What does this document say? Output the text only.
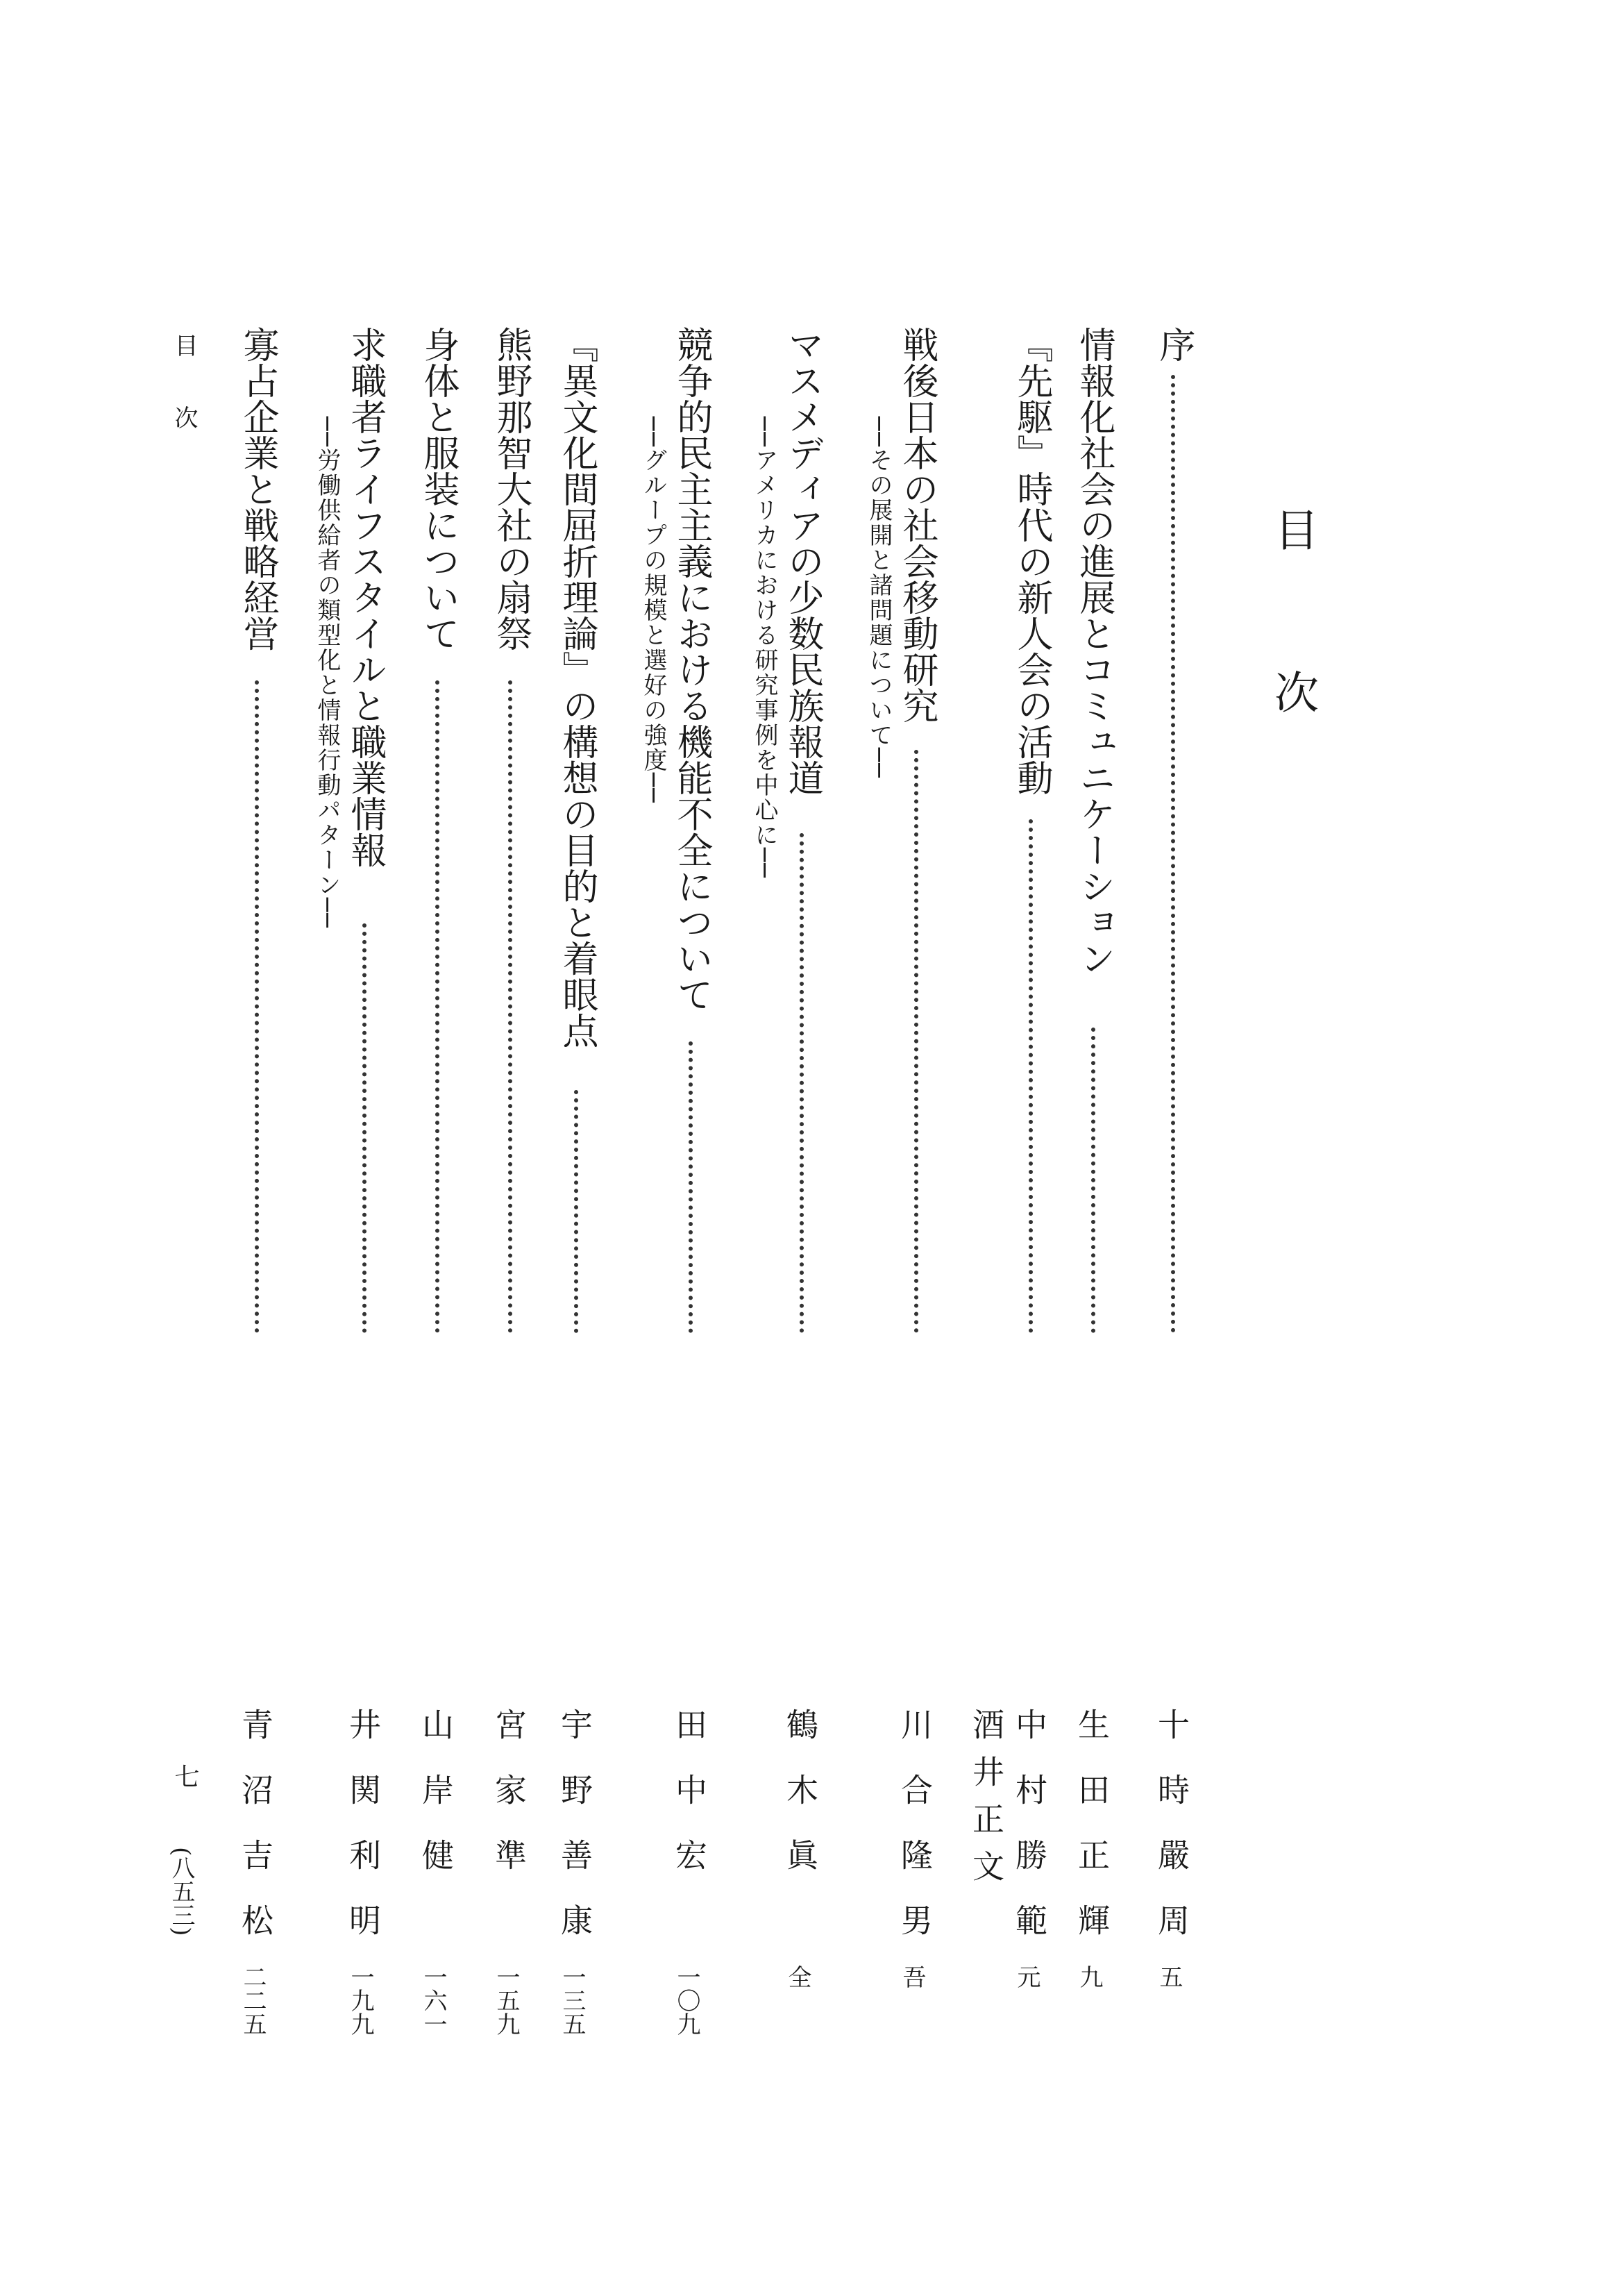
目次
序
十時嚴周
五
情報化社会の進展とコミュニケーション
生田正輝
九
『先駆』時代の新人会の活動
中村勝範
酒井正文
元
戦後日本の社会移動研究
──その展開と諸問題について──
川合隆男
吾
マスメディアの少数民族報道
──アメリカにおける研究事例を中心に──
鶴木眞
全
競争的民主主義における機能不全について
──グループの規模と選好の強度──
田中宏
一〇九
『異文化間屈折理論』の構想の目的と着眼点
宇野善康
一三五
熊野那智大社の扇祭
宮家準
一五九
身体と服装について
山岸健
一六一
求職者ライフスタイルと職業情報
──労働供給者の類型化と情報行動パターン──
井関利明
一九九
寡占企業と戦略経営
青沼吉松
二二五
目次
七
(八五三)
